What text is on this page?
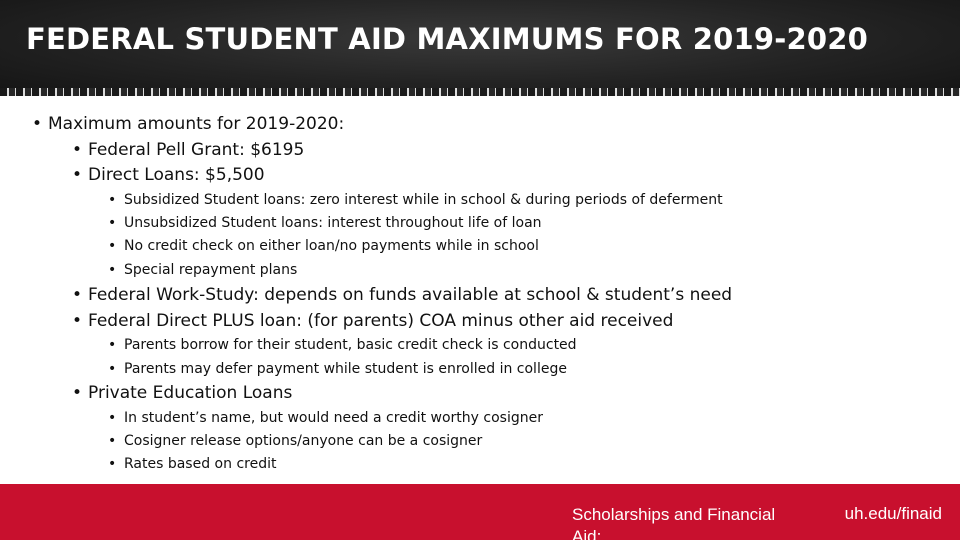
FEDERAL STUDENT AID MAXIMUMS FOR 2019-2020
• Maximum amounts for 2019-2020:
• Federal Pell Grant: $6195
• Direct Loans: $5,500
• Subsidized Student loans: zero interest while in school & during periods of deferment
• Unsubsidized Student loans: interest throughout life of loan
• No credit check on either loan/no payments while in school
• Special repayment plans
• Federal Work-Study: depends on funds available at school & student’s need
• Federal Direct PLUS loan: (for parents) COA minus other aid received
• Parents borrow for their student, basic credit check is conducted
• Parents may defer payment while student is enrolled in college
• Private Education Loans
• In student’s name, but would need a credit worthy cosigner
• Cosigner release options/anyone can be a cosigner
• Rates based on credit
Scholarships and Financial Aid:
uh.edu/finaid
